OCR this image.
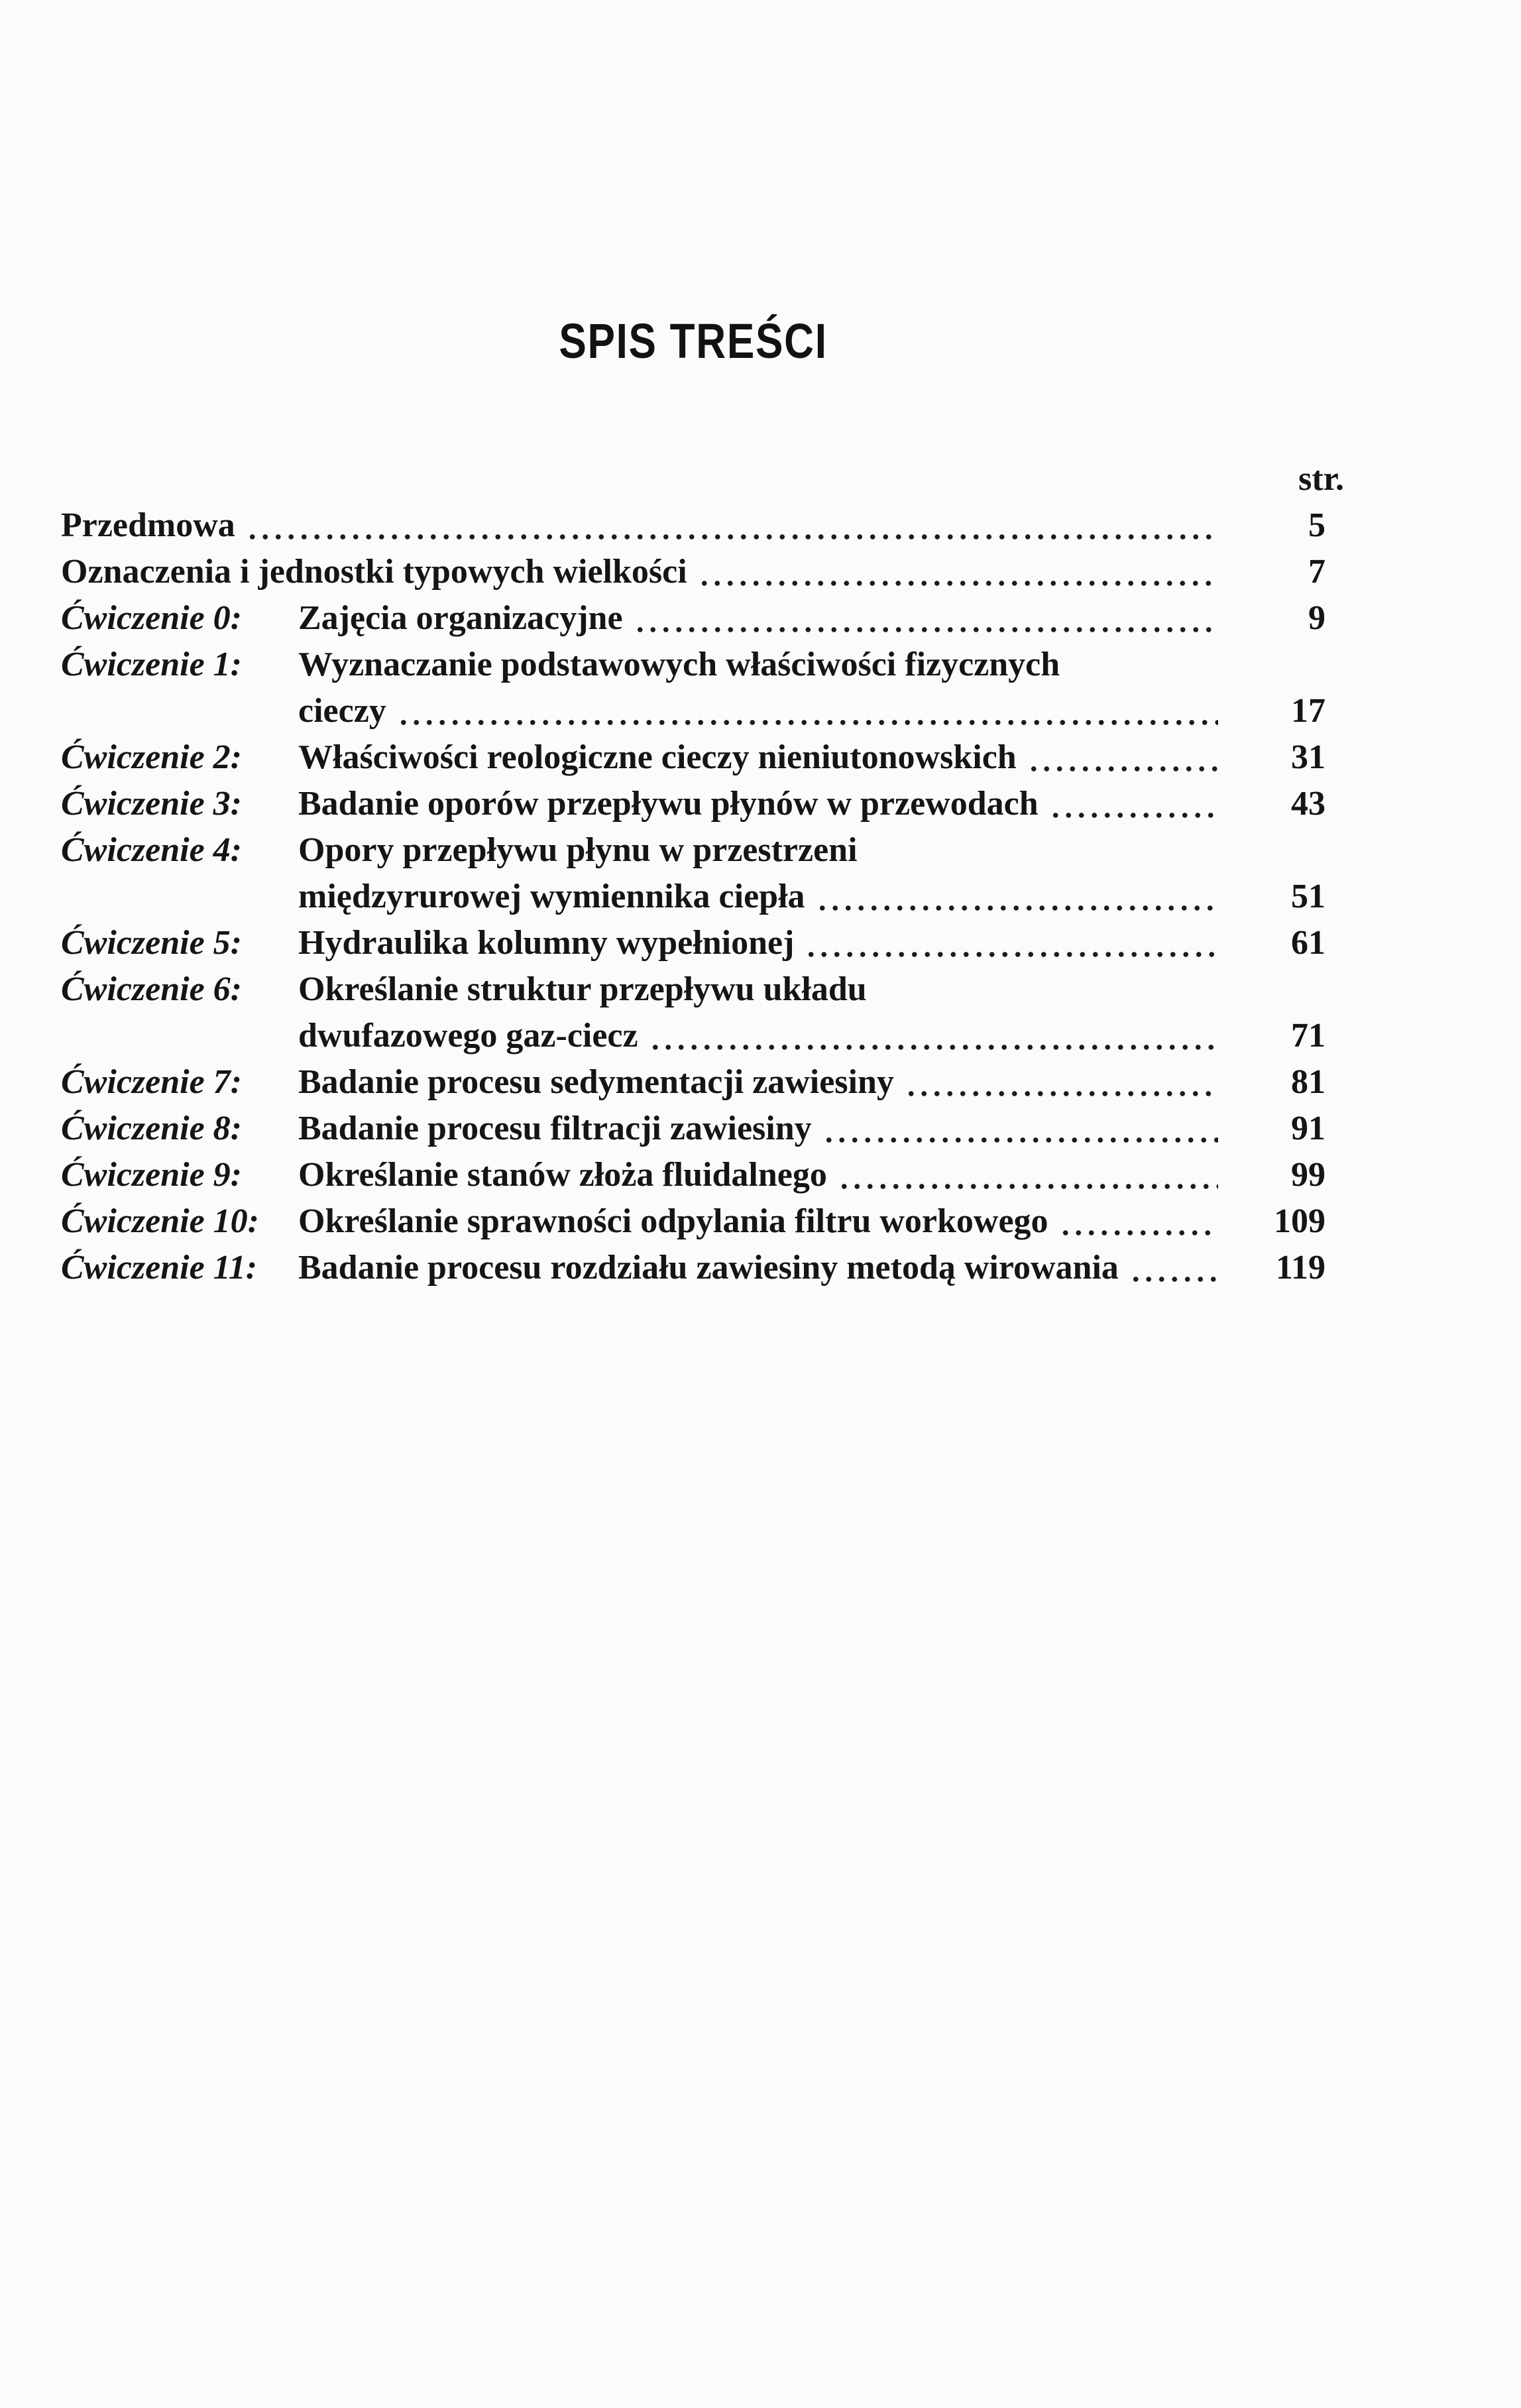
SPIS TREŚCI
str.
Przedmowa	5
Oznaczenia i jednostki typowych wielkości	7
Ćwiczenie 0:	Zajęcia organizacyjne	9
Ćwiczenie 1:	Wyznaczanie podstawowych właściwości fizycznych
cieczy	17
Ćwiczenie 2:	Właściwości reologiczne cieczy nieniutonowskich	31
Ćwiczenie 3:	Badanie oporów przepływu płynów w przewodach	43
Ćwiczenie 4:	Opory przepływu płynu w przestrzeni
międzyrurowej wymiennika ciepła	51
Ćwiczenie 5:	Hydraulika kolumny wypełnionej	61
Ćwiczenie 6:	Określanie struktur przepływu układu
dwufazowego gaz-ciecz	71
Ćwiczenie 7:	Badanie procesu sedymentacji zawiesiny	81
Ćwiczenie 8:	Badanie procesu filtracji zawiesiny	91
Ćwiczenie 9:	Określanie stanów złoża fluidalnego	99
Ćwiczenie 10:	Określanie sprawności odpylania filtru workowego	109
Ćwiczenie 11:	Badanie procesu rozdziału zawiesiny metodą wirowania	119
